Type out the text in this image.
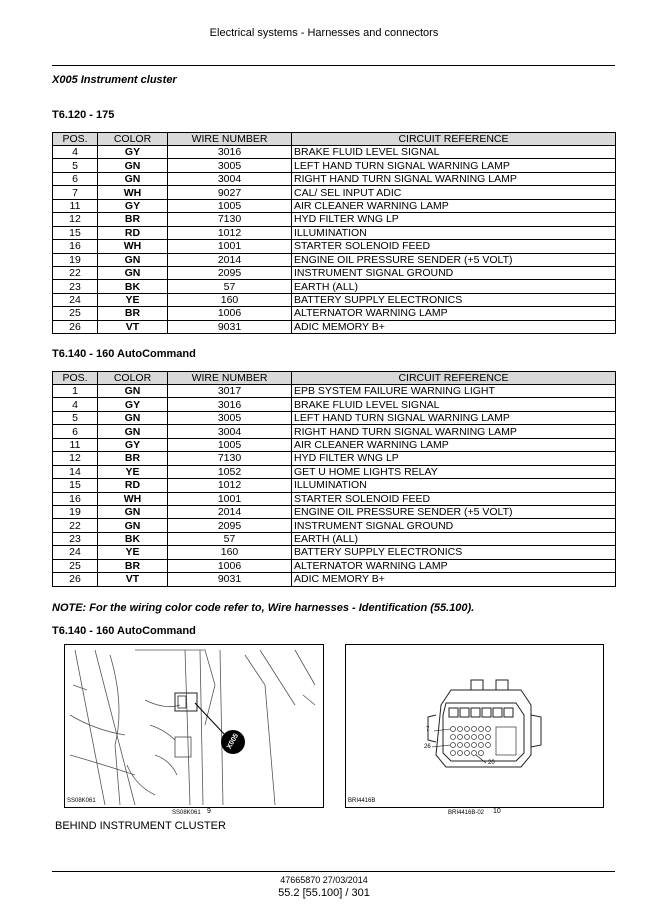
Electrical systems - Harnesses and connectors
X005 Instrument cluster
T6.120 - 175
POS.	COLOR	WIRE NUMBER	CIRCUIT REFERENCE
4	GY	3016	BRAKE FLUID LEVEL SIGNAL
5	GN	3005	LEFT HAND TURN SIGNAL WARNING LAMP
6	GN	3004	RIGHT HAND TURN SIGNAL WARNING LAMP
7	WH	9027	CAL/ SEL INPUT ADIC
11	GY	1005	AIR CLEANER WARNING LAMP
12	BR	7130	HYD FILTER WNG LP
15	RD	1012	ILLUMINATION
16	WH	1001	STARTER SOLENOID FEED
19	GN	2014	ENGINE OIL PRESSURE SENDER (+5 VOLT)
22	GN	2095	INSTRUMENT SIGNAL GROUND
23	BK	57	EARTH (ALL)
24	YE	160	BATTERY SUPPLY ELECTRONICS
25	BR	1006	ALTERNATOR WARNING LAMP
26	VT	9031	ADIC MEMORY B+
T6.140 - 160 AutoCommand
POS.	COLOR	WIRE NUMBER	CIRCUIT REFERENCE
1	GN	3017	EPB SYSTEM FAILURE WARNING LIGHT
4	GY	3016	BRAKE FLUID LEVEL SIGNAL
5	GN	3005	LEFT HAND TURN SIGNAL WARNING LAMP
6	GN	3004	RIGHT HAND TURN SIGNAL WARNING LAMP
11	GY	1005	AIR CLEANER WARNING LAMP
12	BR	7130	HYD FILTER WNG LP
14	YE	1052	GET U HOME LIGHTS RELAY
15	RD	1012	ILLUMINATION
16	WH	1001	STARTER SOLENOID FEED
19	GN	2014	ENGINE OIL PRESSURE SENDER (+5 VOLT)
22	GN	2095	INSTRUMENT SIGNAL GROUND
23	BK	57	EARTH (ALL)
24	YE	160	BATTERY SUPPLY ELECTRONICS
25	BR	1006	ALTERNATOR WARNING LAMP
26	VT	9031	ADIC MEMORY B+
NOTE: For the wiring color code refer to, Wire harnesses - Identification (55.100).
T6.140 - 160 AutoCommand
X005
SS08K061
SS08K061 9
7
26
20
BRI4416B
BRI4416B-02 10
BEHIND INSTRUMENT CLUSTER
47665870 27/03/2014
55.2 [55.100] / 301
